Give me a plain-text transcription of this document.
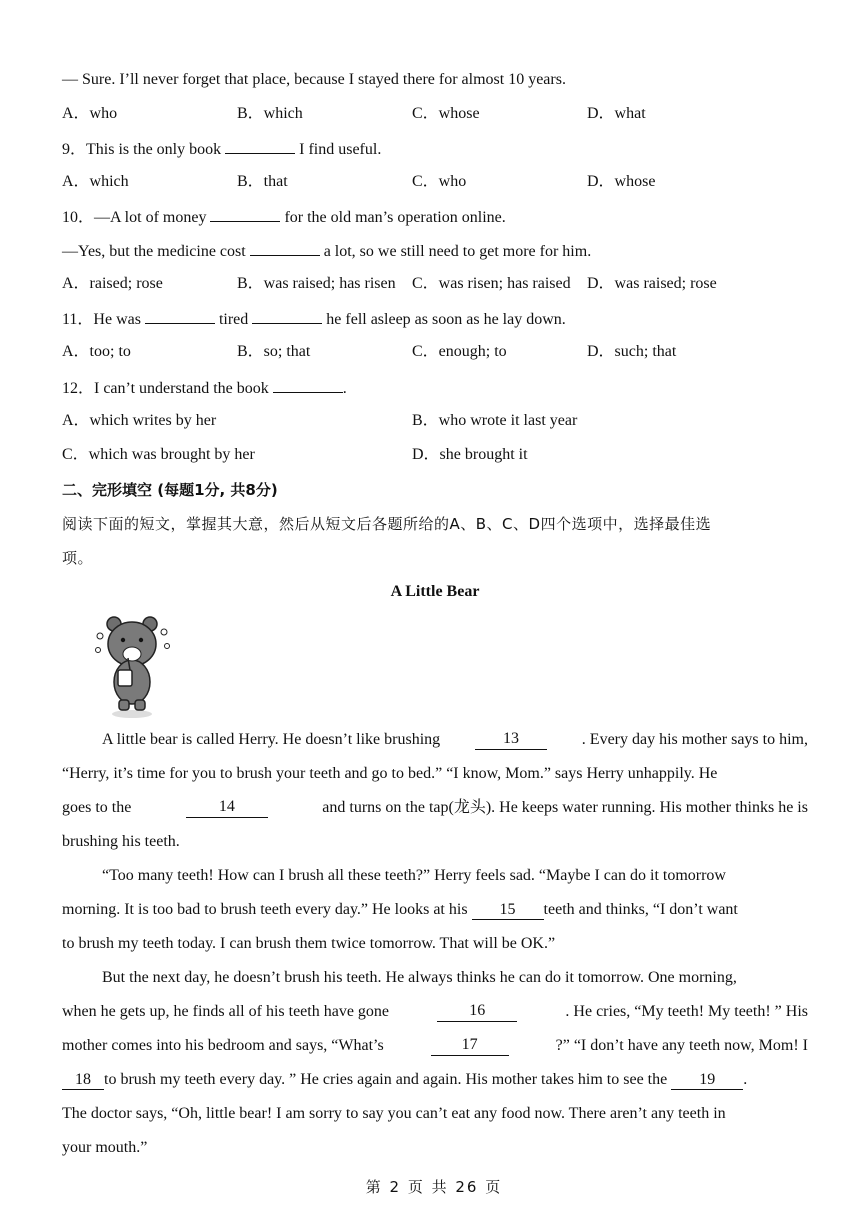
— Sure. I’ll never forget that place, because I stayed there for almost 10 years.
A．who	B．which	C．whose	D．what
9．This is the only book	I find useful.
A．which	B．that	C．who	D．whose
10．—A lot of money	for the old man’s operation online.
—Yes, but the medicine cost	a lot, so we still need to get more for him.
A．raised; rose	B．was raised; has risen C．was risen; has raised D．was raised; rose
11．He was	tired	he fell asleep as soon as he lay down.
A．too; to	B．so; that	C．enough; to	D．such; that
12．I can’t understand the book	.
A．which writes by her	B．who wrote it last year
C．which was brought by her	D．she brought it
二、完形填空 (每题1分, 共8分)
阅读下面的短文，掌握其大意，然后从短文后各题所给的A、B、C、D四个选项中，选择最佳选
项。
A Little Bear
A little bear is called Herry. He doesn’t like brushing	13	. Every day his mother says to him,
“Herry, it’s time for you to brush your teeth and go to bed.” “I know, Mom.” says Herry unhappily. He
goes to the	14	and turns on the tap(龙头). He keeps water running. His mother thinks he is
brushing his teeth.
“Too many teeth! How can I brush all these teeth?” Herry feels sad. “Maybe I can do it tomorrow
morning. It is too bad to brush teeth every day.” He looks at his 15 teeth and thinks, “I don’t want
to brush my teeth today. I can brush them twice tomorrow. That will be OK.”
But the next day, he doesn’t brush his teeth. He always thinks he can do it tomorrow. One morning,
when he gets up, he finds all of his teeth have gone	16	. He cries, “My teeth! My teeth! ” His
mother comes into his bedroom and says, “What’s	17	?” “I don’t have any teeth now, Mom! I
18 to brush my teeth every day. ” He cries again and again. His mother takes him to see the 19 .
The doctor says, “Oh, little bear! I am sorry to say you can’t eat any food now. There aren’t any teeth in
your mouth.”
第 2 页 共 26 页
